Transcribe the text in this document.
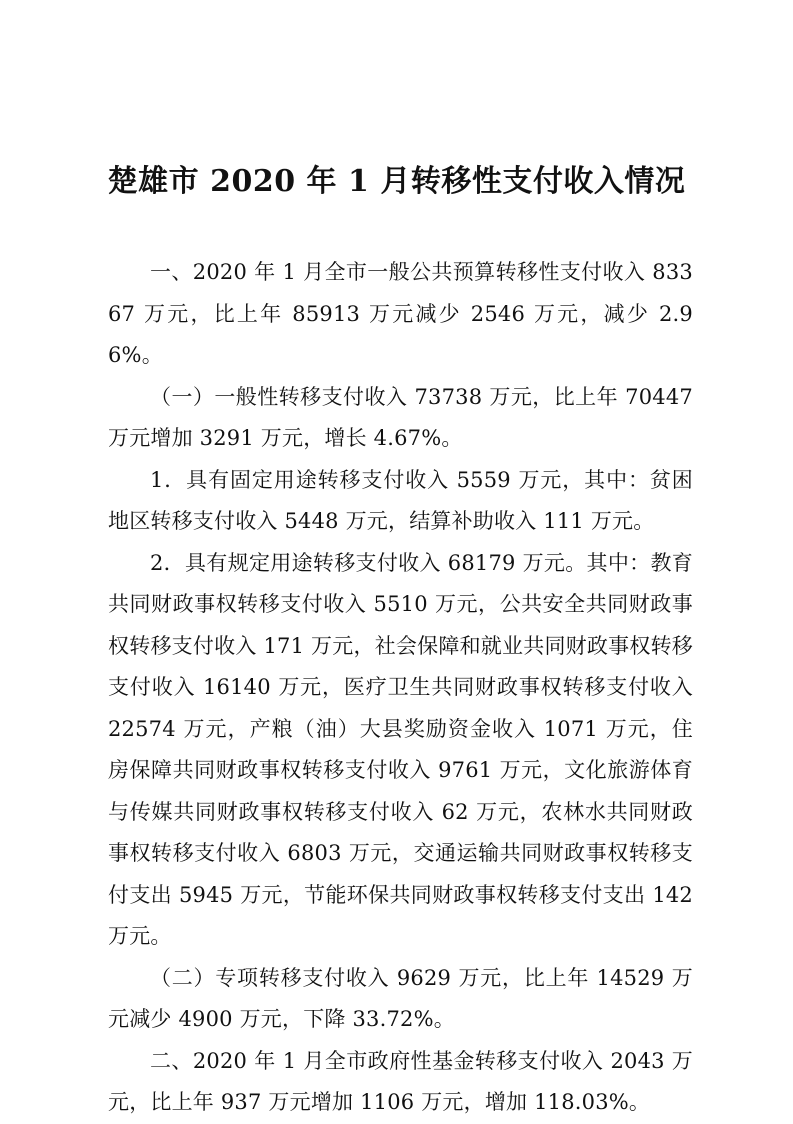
楚雄市 2020 年 1 月转移性支付收入情况

一、2020 年 1 月全市一般公共预算转移性支付收入 83367 万元，比上年 85913 万元减少 2546 万元，减少 2.96%。

（一）一般性转移支付收入 73738 万元，比上年 70447 万元增加 3291 万元，增长 4.67%。

1．具有固定用途转移支付收入 5559 万元，其中：贫困地区转移支付收入 5448 万元，结算补助收入 111 万元。

2．具有规定用途转移支付收入 68179 万元。其中：教育共同财政事权转移支付收入 5510 万元，公共安全共同财政事权转移支付收入 171 万元，社会保障和就业共同财政事权转移支付收入 16140 万元，医疗卫生共同财政事权转移支付收入 22574 万元，产粮（油）大县奖励资金收入 1071 万元，住房保障共同财政事权转移支付收入 9761 万元，文化旅游体育与传媒共同财政事权转移支付收入 62 万元，农林水共同财政事权转移支付收入 6803 万元，交通运输共同财政事权转移支付支出 5945 万元，节能环保共同财政事权转移支付支出 142 万元。

（二）专项转移支付收入 9629 万元，比上年 14529 万元减少 4900 万元，下降 33.72%。

二、2020 年 1 月全市政府性基金转移支付收入 2043 万元，比上年 937 万元增加 1106 万元，增加 118.03%。
